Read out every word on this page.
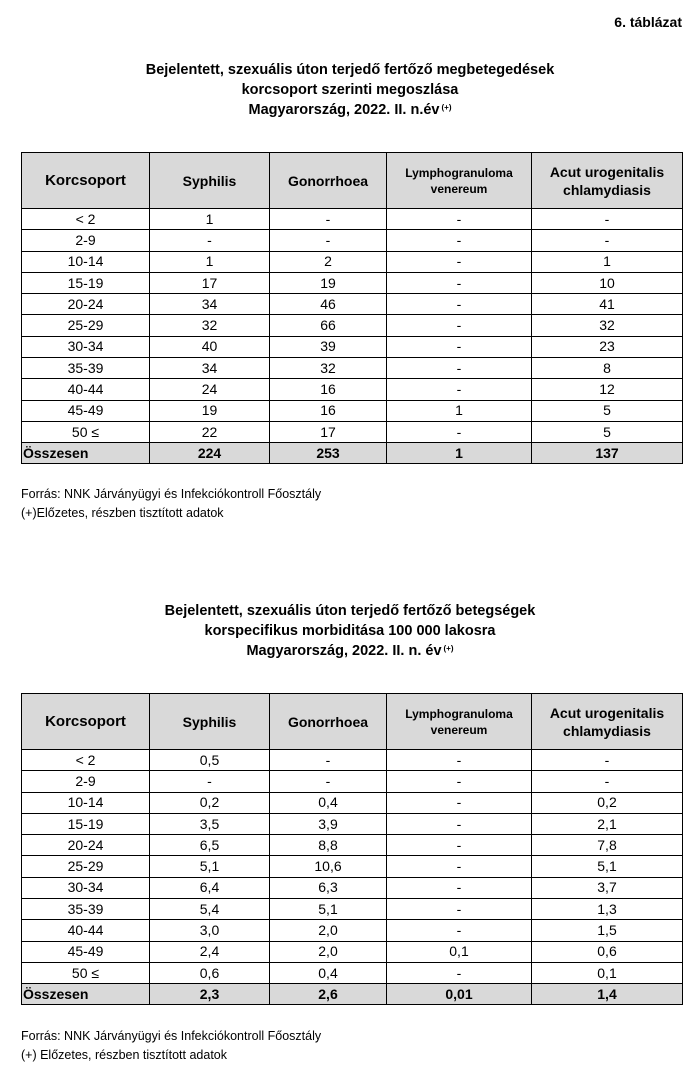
6. táblázat
Bejelentett, szexuális úton terjedő fertőző megbetegedések
korcsoport szerinti megoszlása
Magyarország, 2022. II. n.év (+)
Korcsoport	Syphilis	Gonorrhoea	Lymphogranuloma venereum	Acut urogenitalis chlamydiasis
< 2	1	-	-	-
2-9	-	-	-	-
10-14	1	2	-	1
15-19	17	19	-	10
20-24	34	46	-	41
25-29	32	66	-	32
30-34	40	39	-	23
35-39	34	32	-	8
40-44	24	16	-	12
45-49	19	16	1	5
50 ≤	22	17	-	5
Összesen	224	253	1	137
Forrás: NNK Járványügyi és Infekciókontroll Főosztály
(+)Előzetes, részben tisztított adatok
Bejelentett, szexuális úton terjedő fertőző betegségek
korspecifikus morbiditása 100 000 lakosra
Magyarország, 2022. II. n. év (+)
Korcsoport	Syphilis	Gonorrhoea	Lymphogranuloma venereum	Acut urogenitalis chlamydiasis
< 2	0,5	-	-	-
2-9	-	-	-	-
10-14	0,2	0,4	-	0,2
15-19	3,5	3,9	-	2,1
20-24	6,5	8,8	-	7,8
25-29	5,1	10,6	-	5,1
30-34	6,4	6,3	-	3,7
35-39	5,4	5,1	-	1,3
40-44	3,0	2,0	-	1,5
45-49	2,4	2,0	0,1	0,6
50 ≤	0,6	0,4	-	0,1
Összesen	2,3	2,6	0,01	1,4
Forrás: NNK Járványügyi és Infekciókontroll Főosztály
(+) Előzetes, részben tisztított adatok
